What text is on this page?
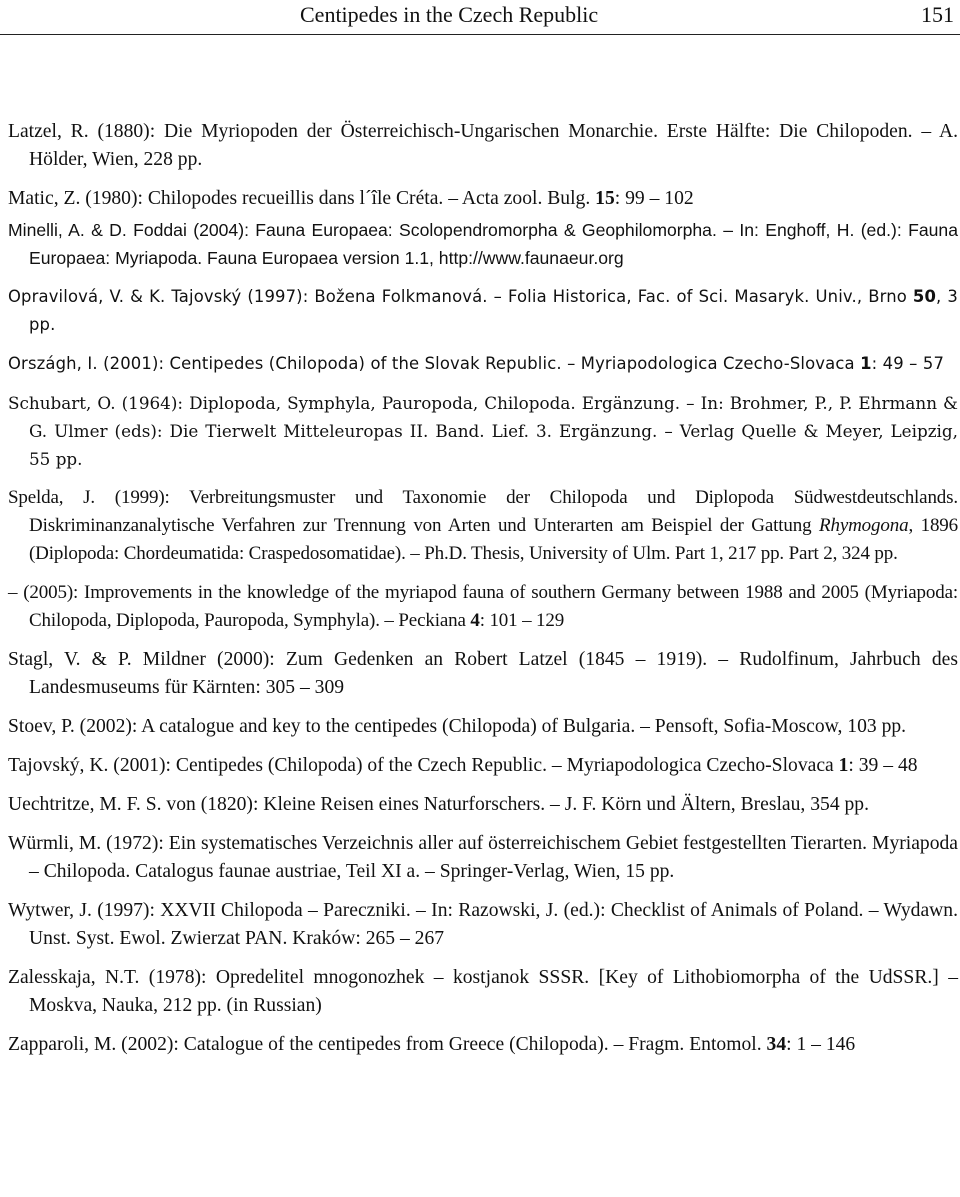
Centipedes in the Czech Republic	151

Latzel, R. (1880): Die Myriopoden der Österreichisch-Ungarischen Monarchie. Erste Hälfte: Die Chilopoden. – A. Hölder, Wien, 228 pp.

Matic, Z. (1980): Chilopodes recueillis dans l´île Créta. – Acta zool. Bulg. 15: 99 – 102

Minelli, A. & D. Foddai (2004): Fauna Europaea: Scolopendromorpha & Geophilomorpha. – In: Enghoff, H. (ed.): Fauna Europaea: Myriapoda. Fauna Europaea version 1.1, http://www.faunaeur.org

Opravilová, V. & K. Tajovský (1997): Božena Folkmanová. – Folia Historica, Fac. of Sci. Masaryk. Univ., Brno 50, 3 pp.

Országh, I. (2001): Centipedes (Chilopoda) of the Slovak Republic. – Myriapodologica Czecho-Slovaca 1: 49 – 57

Schubart, O. (1964): Diplopoda, Symphyla, Pauropoda, Chilopoda. Ergänzung. – In: Brohmer, P., P. Ehrmann & G. Ulmer (eds): Die Tierwelt Mitteleuropas II. Band. Lief. 3. Ergänzung. – Verlag Quelle & Meyer, Leipzig, 55 pp.

Spelda, J. (1999): Verbreitungsmuster und Taxonomie der Chilopoda und Diplopoda Südwestdeutschlands. Diskriminanzanalytische Verfahren zur Trennung von Arten und Unterarten am Beispiel der Gattung Rhymogona, 1896 (Diplopoda: Chordeumatida: Craspedosomatidae). – Ph.D. Thesis, University of Ulm. Part 1, 217 pp. Part 2, 324 pp.

– (2005): Improvements in the knowledge of the myriapod fauna of southern Germany between 1988 and 2005 (Myriapoda: Chilopoda, Diplopoda, Pauropoda, Symphyla). – Peckiana 4: 101 – 129

Stagl, V. & P. Mildner (2000): Zum Gedenken an Robert Latzel (1845 – 1919). – Rudolfinum, Jahrbuch des Landesmuseums für Kärnten: 305 – 309

Stoev, P. (2002): A catalogue and key to the centipedes (Chilopoda) of Bulgaria. – Pensoft, Sofia-Moscow, 103 pp.

Tajovský, K. (2001): Centipedes (Chilopoda) of the Czech Republic. – Myriapodologica Czecho-Slovaca 1: 39 – 48

Uechtritze, M. F. S. von (1820): Kleine Reisen eines Naturforschers. – J. F. Körn und Ältern, Breslau, 354 pp.

Würmli, M. (1972): Ein systematisches Verzeichnis aller auf österreichischem Gebiet festgestellten Tierarten. Myriapoda – Chilopoda. Catalogus faunae austriae, Teil XI a. – Springer-Verlag, Wien, 15 pp.

Wytwer, J. (1997): XXVII Chilopoda – Pareczniki. – In: Razowski, J. (ed.): Checklist of Animals of Poland. – Wydawn. Unst. Syst. Ewol. Zwierzat PAN. Kraków: 265 – 267

Zalesskaja, N.T. (1978): Opredelitel mnogonozhek – kostjanok SSSR. [Key of Lithobiomorpha of the UdSSR.] – Moskva, Nauka, 212 pp. (in Russian)

Zapparoli, M. (2002): Catalogue of the centipedes from Greece (Chilopoda). – Fragm. Entomol. 34: 1 – 146
